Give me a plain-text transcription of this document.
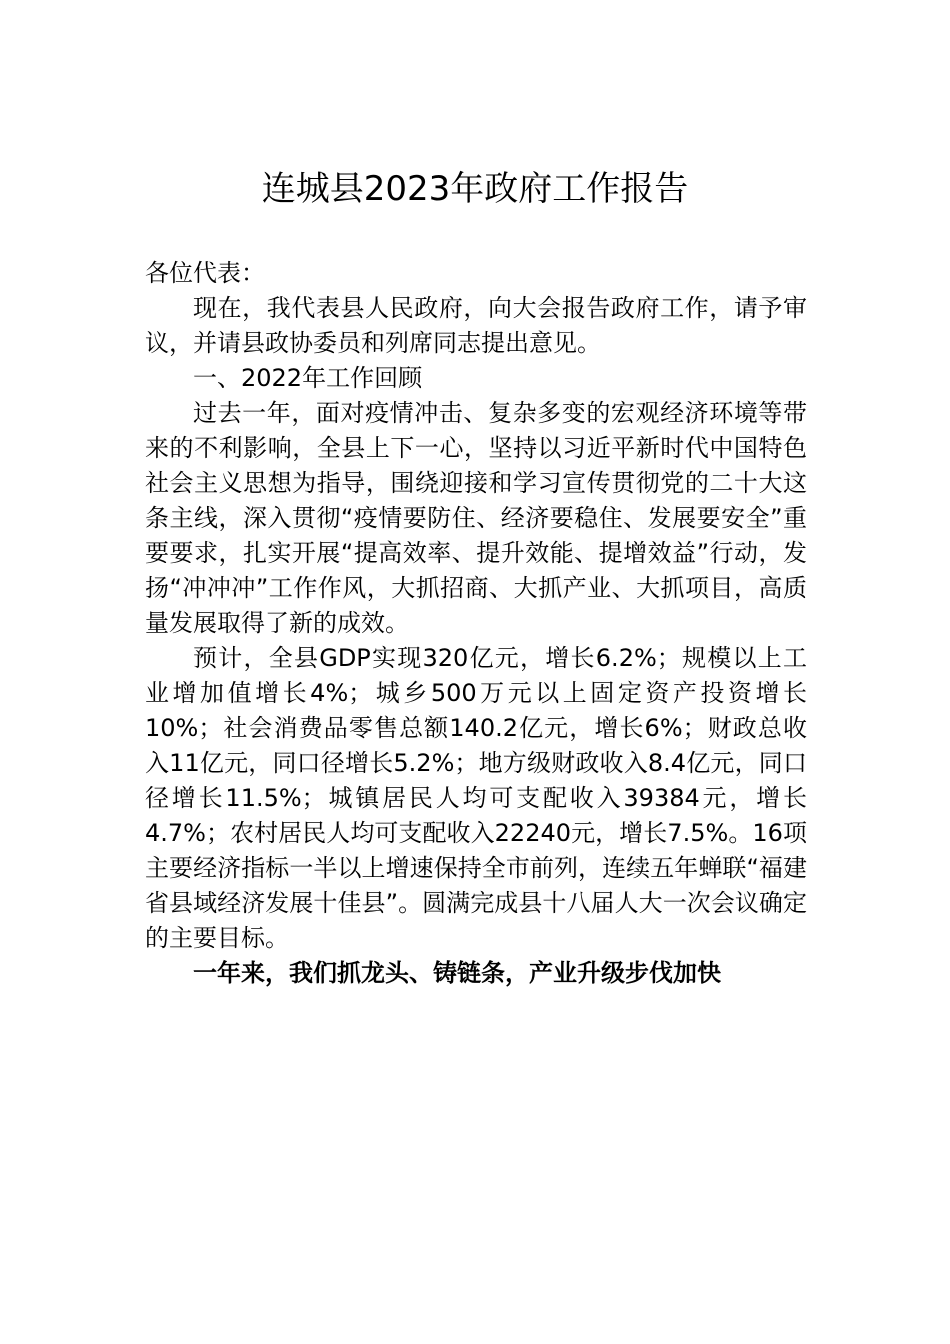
连城县2023年政府工作报告

各位代表：

现在，我代表县人民政府，向大会报告政府工作，请予审议，并请县政协委员和列席同志提出意见。

一、2022年工作回顾

过去一年，面对疫情冲击、复杂多变的宏观经济环境等带来的不利影响，全县上下一心，坚持以习近平新时代中国特色社会主义思想为指导，围绕迎接和学习宣传贯彻党的二十大这条主线，深入贯彻“疫情要防住、经济要稳住、发展要安全”重要要求，扎实开展“提高效率、提升效能、提增效益”行动，发扬“冲冲冲”工作作风，大抓招商、大抓产业、大抓项目，高质量发展取得了新的成效。

预计，全县GDP实现320亿元，增长6.2%；规模以上工业增加值增长4%；城乡500万元以上固定资产投资增长10%；社会消费品零售总额140.2亿元，增长6%；财政总收入11亿元，同口径增长5.2%；地方级财政收入8.4亿元，同口径增长11.5%；城镇居民人均可支配收入39384元，增长4.7%；农村居民人均可支配收入22240元，增长7.5%。16项主要经济指标一半以上增速保持全市前列，连续五年蝉联“福建省县域经济发展十佳县”。圆满完成县十八届人大一次会议确定的主要目标。

一年来，我们抓龙头、铸链条，产业升级步伐加快
